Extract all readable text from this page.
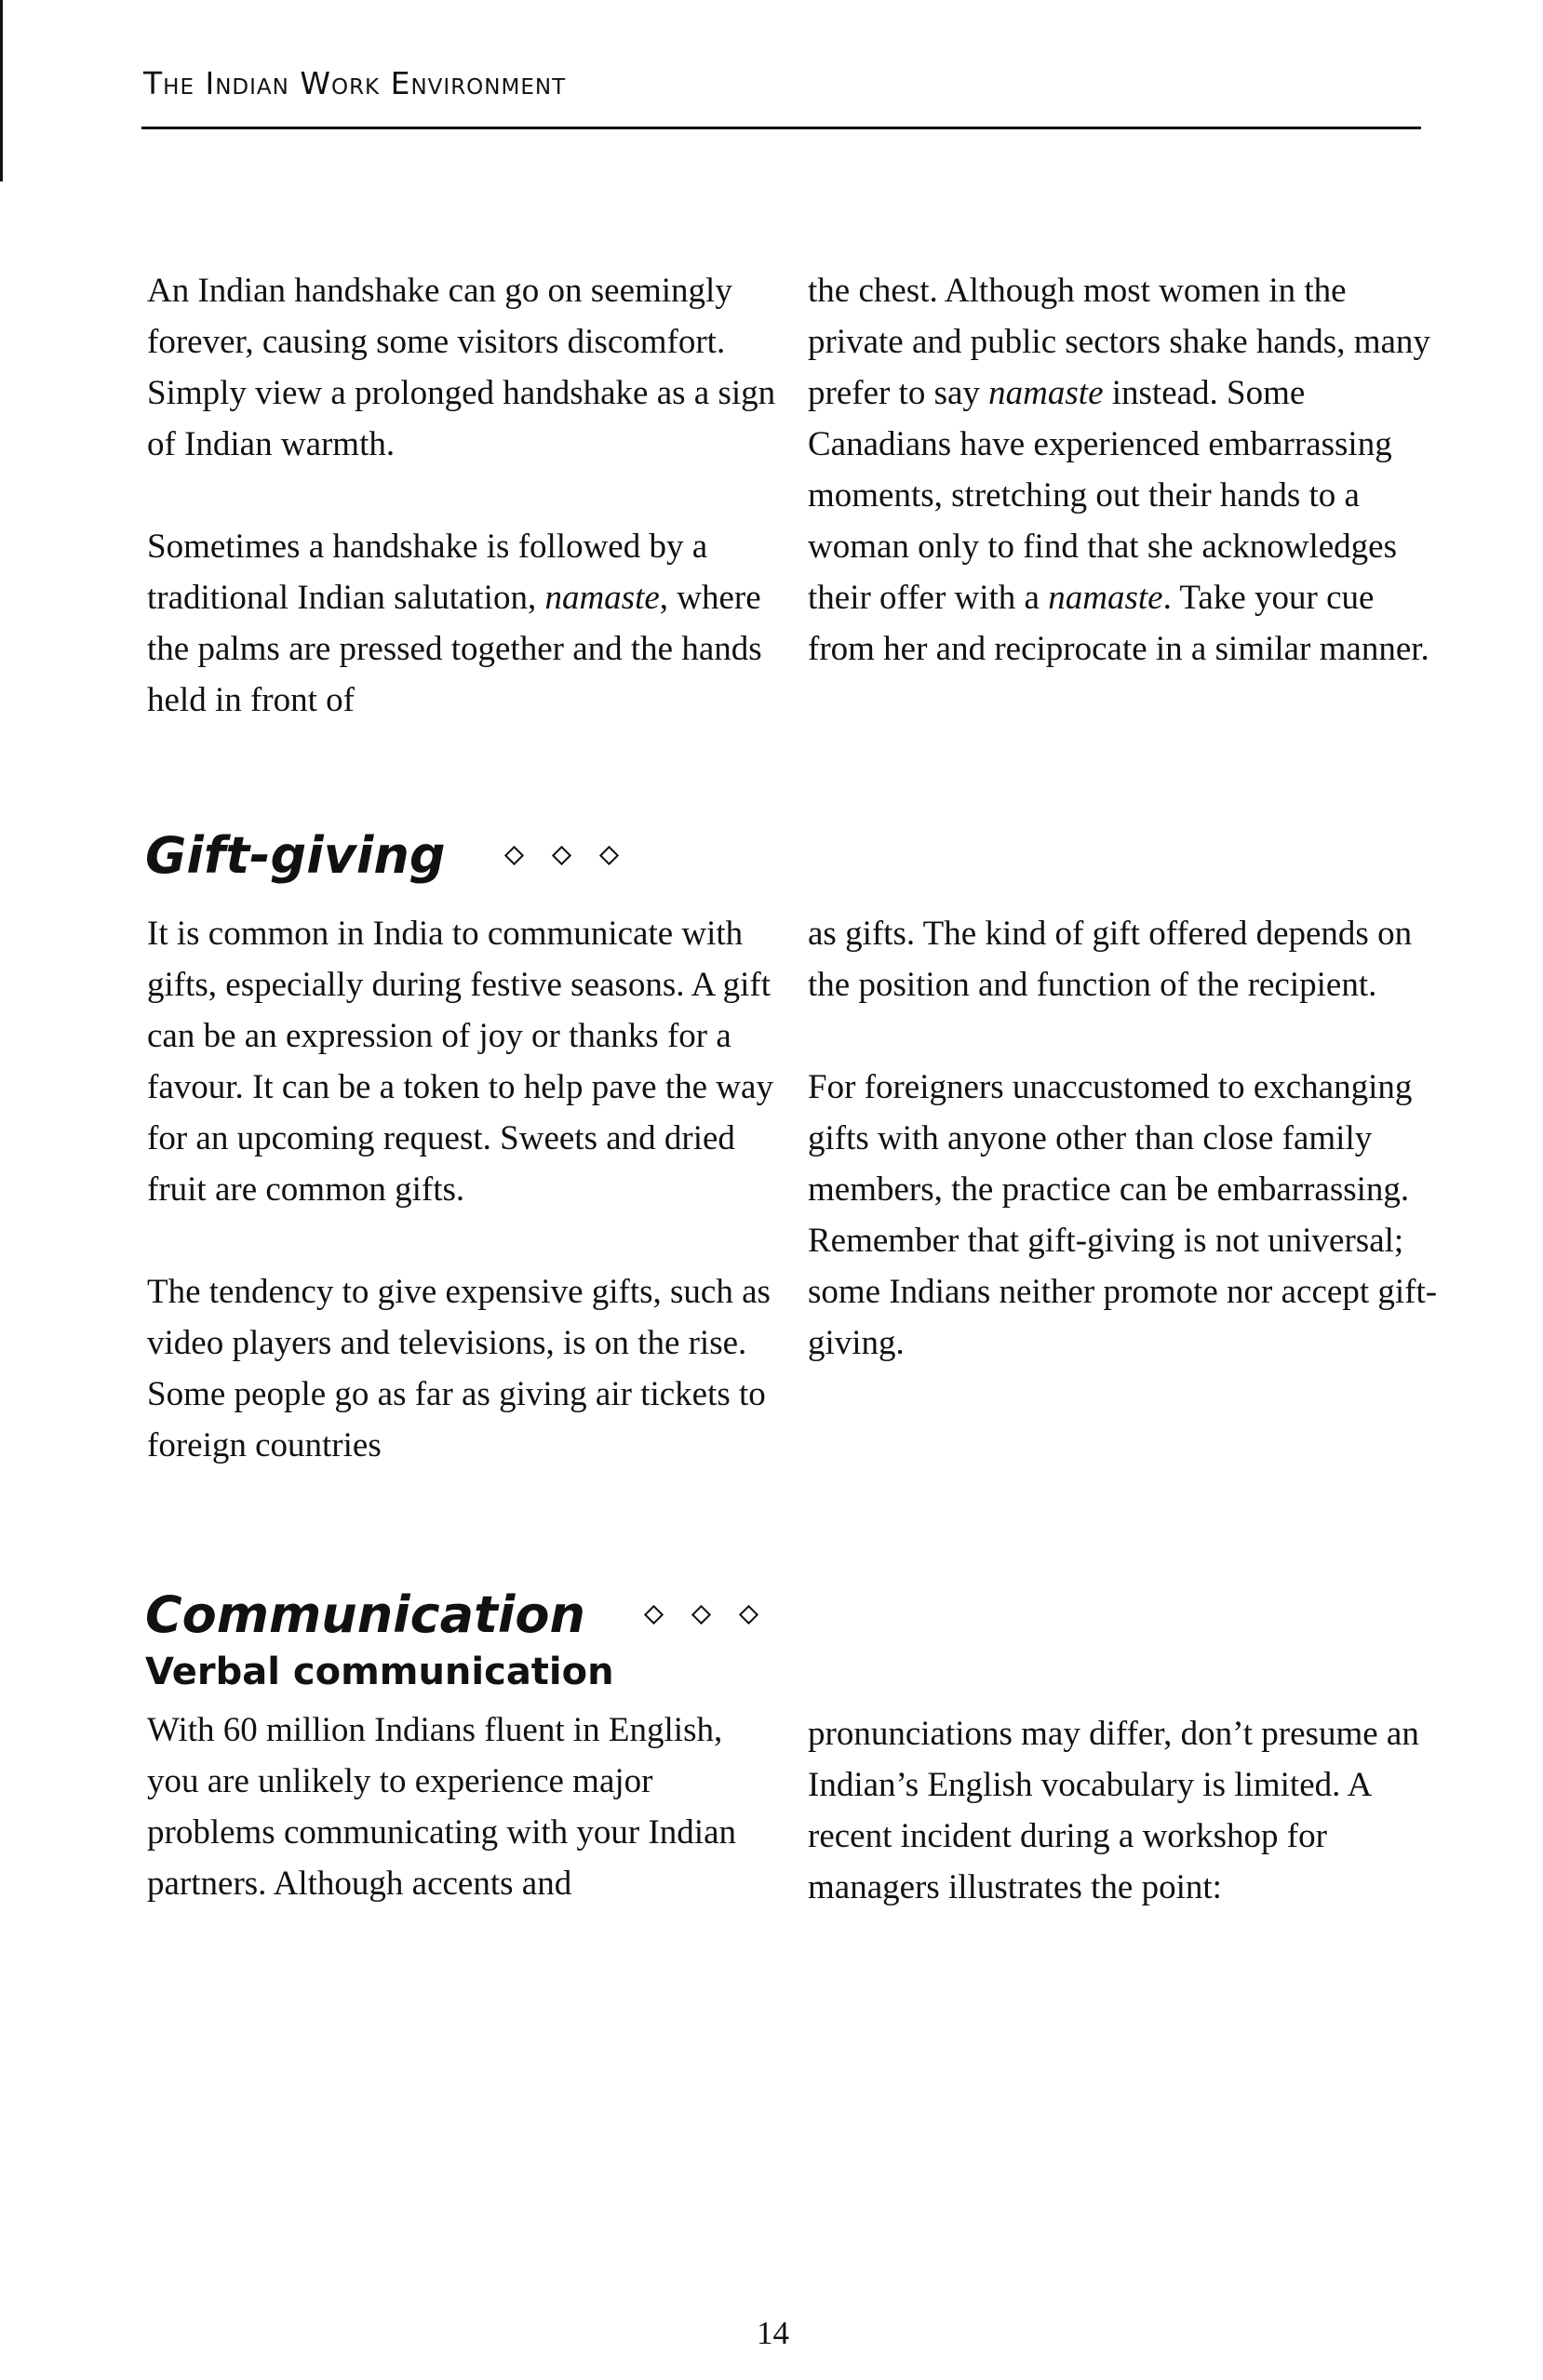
The Indian Work Environment

An Indian handshake can go on seemingly forever, causing some visitors discomfort. Simply view a prolonged handshake as a sign of Indian warmth.

Sometimes a handshake is followed by a traditional Indian salutation, namaste, where the palms are pressed together and the hands held in front of

the chest. Although most women in the private and public sectors shake hands, many prefer to say namaste instead. Some Canadians have experienced embarrassing moments, stretching out their hands to a woman only to find that she acknowledges their offer with a namaste. Take your cue from her and reciprocate in a similar manner.

Gift-giving

It is common in India to communicate with gifts, especially during festive seasons. A gift can be an expression of joy or thanks for a favour. It can be a token to help pave the way for an upcoming request. Sweets and dried fruit are common gifts.

The tendency to give expensive gifts, such as video players and televisions, is on the rise. Some people go as far as giving air tickets to foreign countries

as gifts. The kind of gift offered depends on the position and function of the recipient.

For foreigners unaccustomed to exchanging gifts with anyone other than close family members, the practice can be embarrassing. Remember that gift-giving is not universal; some Indians neither promote nor accept gift-giving.

Communication
Verbal communication

With 60 million Indians fluent in English, you are unlikely to experience major problems communicating with your Indian partners. Although accents and

pronunciations may differ, don’t presume an Indian’s English vocabulary is limited. A recent incident during a workshop for managers illustrates the point:

14
